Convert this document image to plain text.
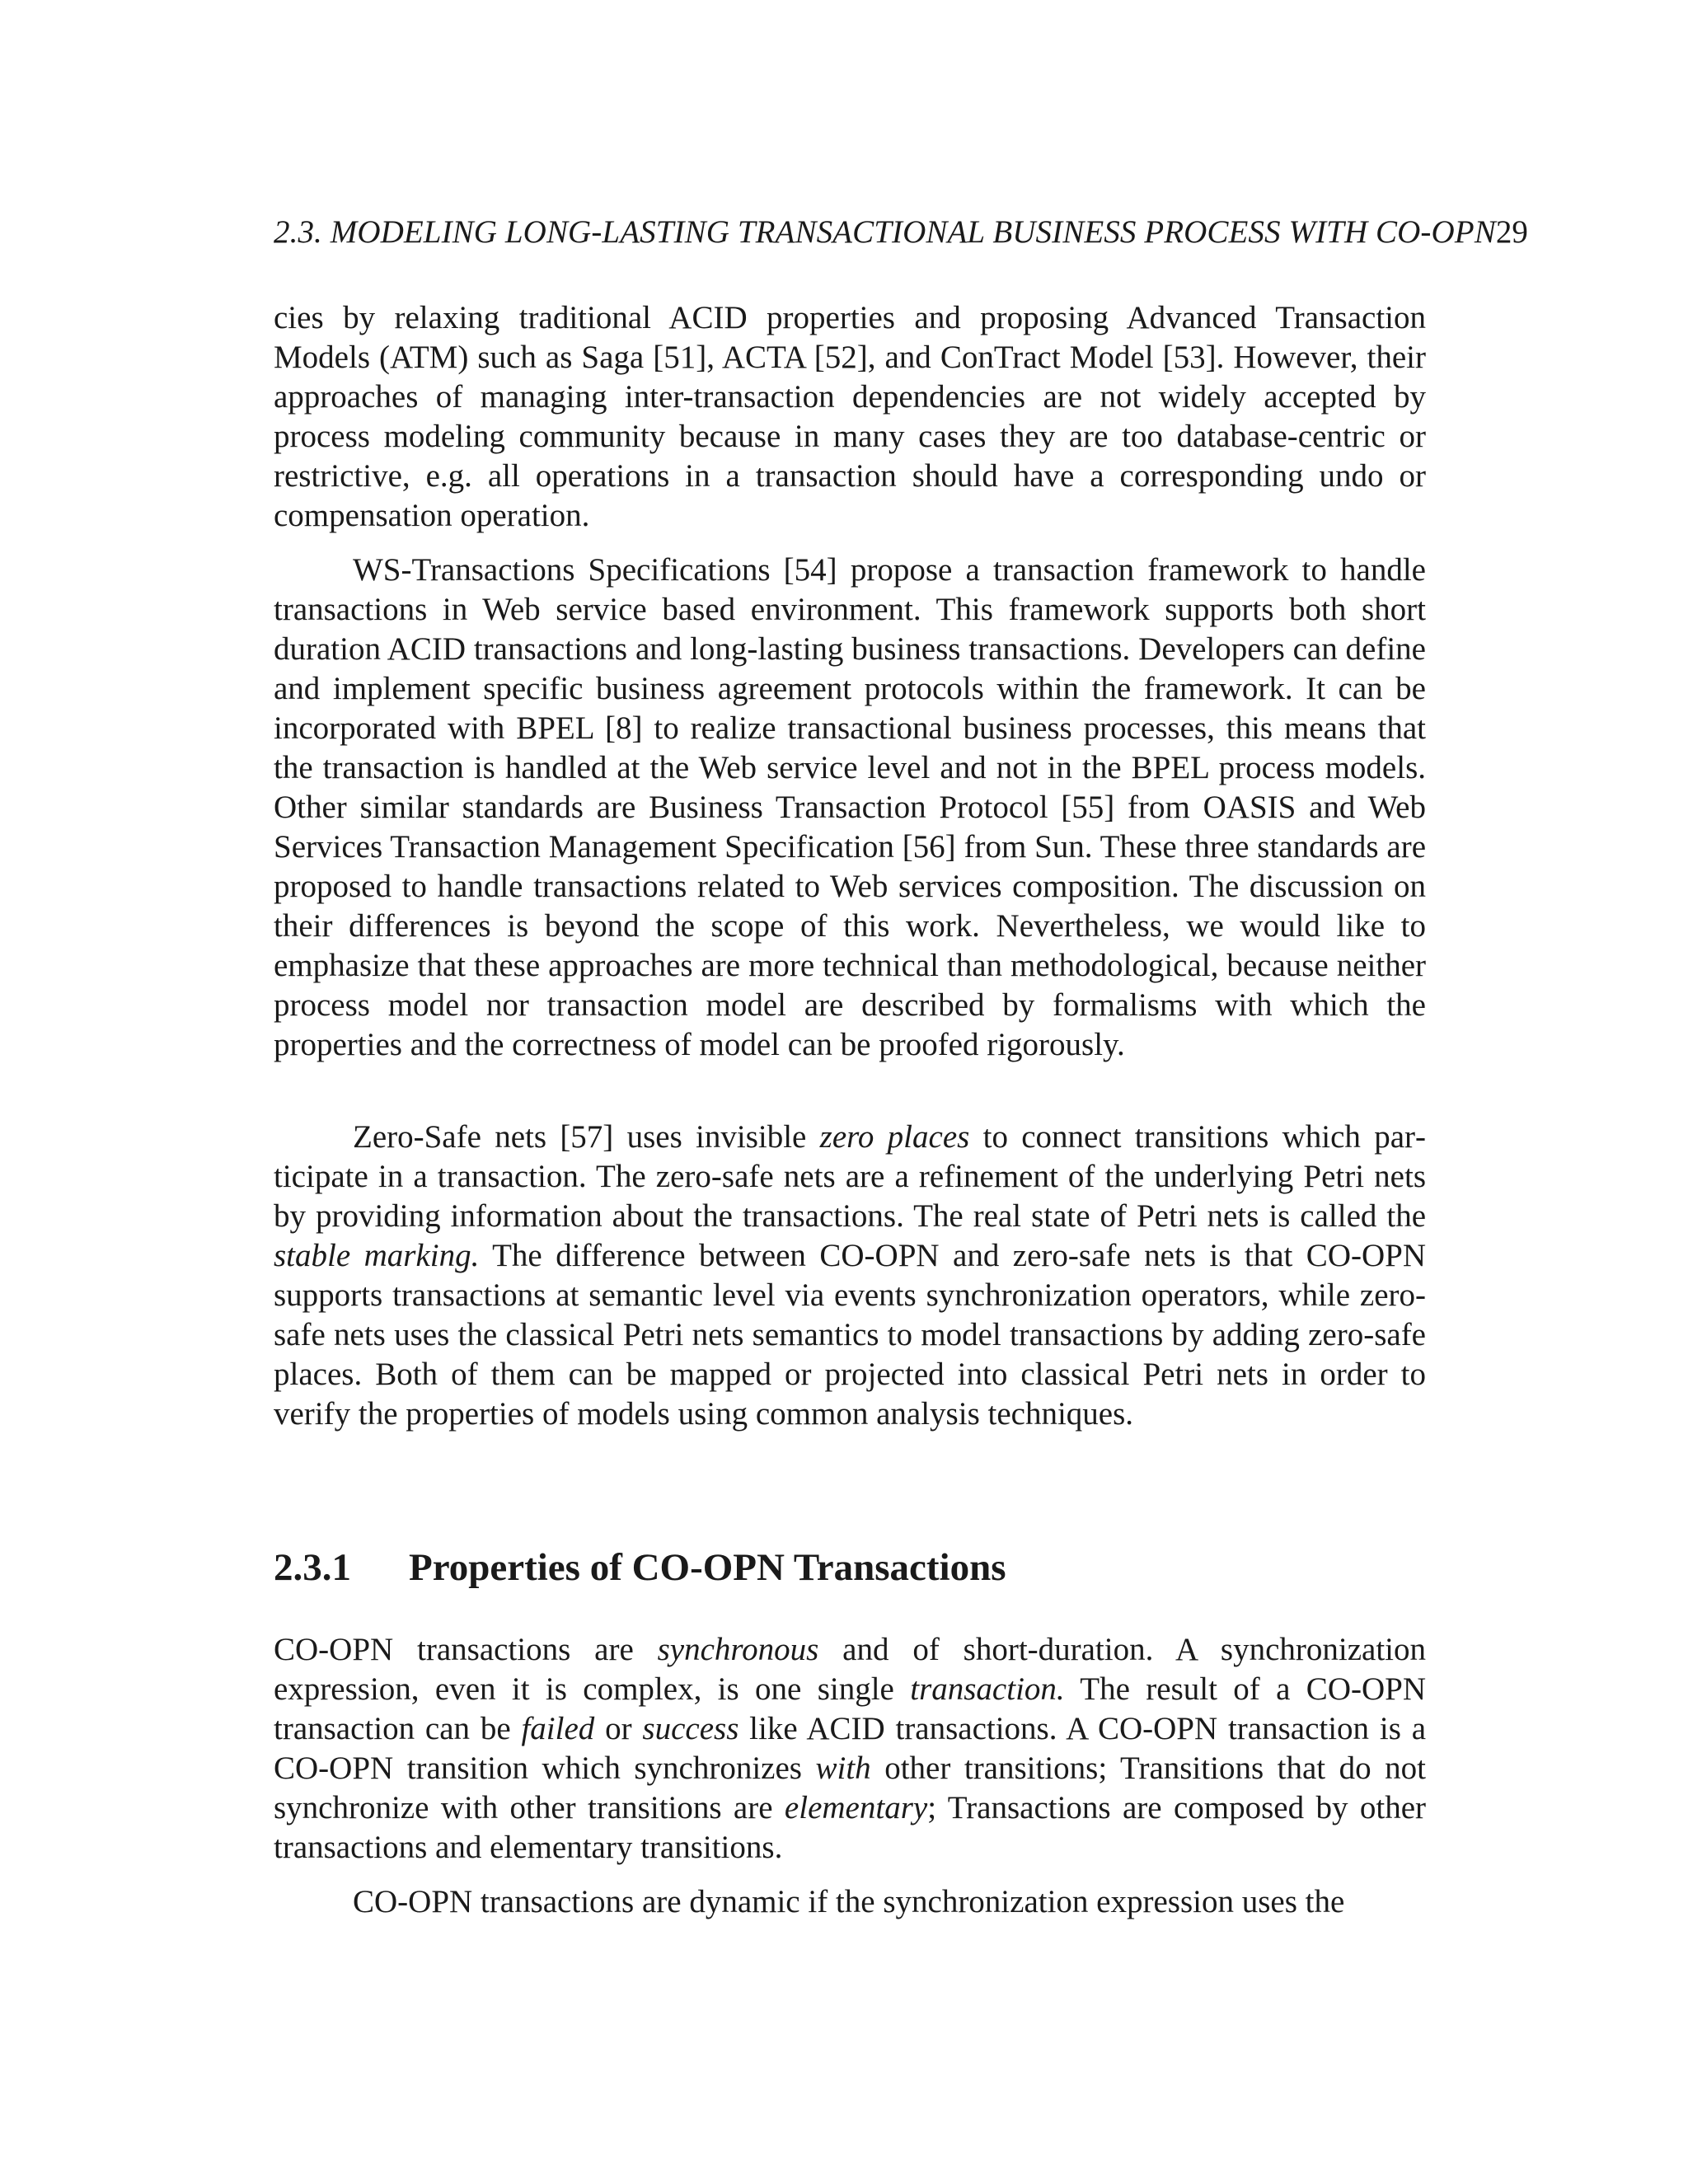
2.3. MODELING LONG-LASTING TRANSACTIONAL BUSINESS PROCESS WITH CO-OPN29

cies by relaxing traditional ACID properties and proposing Advanced Transaction Models (ATM) such as Saga [51], ACTA [52], and ConTract Model [53]. However, their approaches of managing inter-transaction dependencies are not widely accepted by process modeling community because in many cases they are too database-centric or restrictive, e.g. all operations in a transaction should have a corresponding undo or compensation operation.

WS-Transactions Specifications [54] propose a transaction framework to handle transactions in Web service based environment. This framework supports both short duration ACID transactions and long-lasting business transactions. Developers can define and implement specific business agreement protocols within the framework. It can be incorporated with BPEL [8] to realize transactional business processes, this means that the transaction is handled at the Web service level and not in the BPEL process models. Other similar standards are Business Transaction Protocol [55] from OASIS and Web Services Transaction Management Specification [56] from Sun. These three standards are proposed to handle transactions related to Web services composition. The discussion on their differences is beyond the scope of this work. Nevertheless, we would like to emphasize that these approaches are more technical than methodological, because neither process model nor transaction model are described by formalisms with which the properties and the correctness of model can be proofed rigorously.

Zero-Safe nets [57] uses invisible zero places to connect transitions which participate in a transaction. The zero-safe nets are a refinement of the underlying Petri nets by providing information about the transactions. The real state of Petri nets is called the stable marking. The difference between CO-OPN and zero-safe nets is that CO-OPN supports transactions at semantic level via events synchronization operators, while zero-safe nets uses the classical Petri nets semantics to model transactions by adding zero-safe places. Both of them can be mapped or projected into classical Petri nets in order to verify the properties of models using common analysis techniques.

2.3.1 Properties of CO-OPN Transactions

CO-OPN transactions are synchronous and of short-duration. A synchronization expression, even it is complex, is one single transaction. The result of a CO-OPN transaction can be failed or success like ACID transactions. A CO-OPN transaction is a CO-OPN transition which synchronizes with other transitions; Transitions that do not synchronize with other transitions are elementary; Transactions are composed by other transactions and elementary transitions.

CO-OPN transactions are dynamic if the synchronization expression uses the
